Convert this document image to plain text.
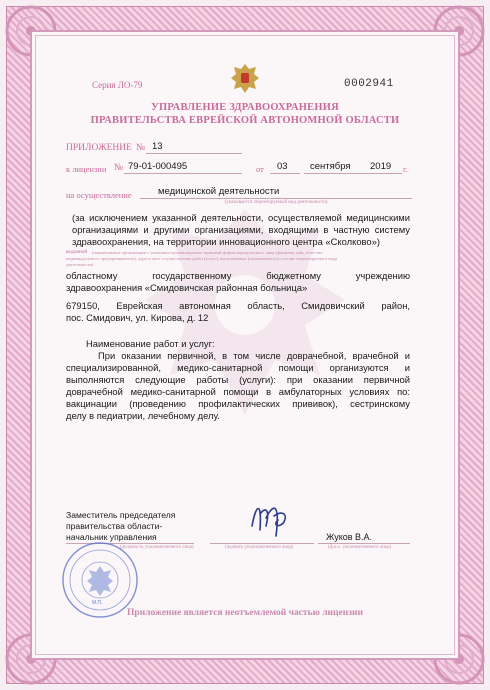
Серия ЛО-79	0002941

УПРАВЛЕНИЕ ЗДРАВООХРАНЕНИЯ

ПРАВИТЕЛЬСТВА ЕВРЕЙСКОЙ АВТОНОМНОЙ ОБЛАСТИ

ПРИЛОЖЕНИЕ № 13

к лицензии № 79-01-000495	от 03 сентября 2019 г.

на осуществление	медицинской деятельности

(указывается лицензируемый вид деятельности)

(за исключением указанной деятельности, осуществляемой медицинскими

организациями и другими организациями, входящими в частную систему

здравоохранения, на территории инновационного центра «Сколково»)

выданной (наименование организации с указанием организационно-правовой формы юридического лица (фамилия, имя, отчество

индивидуального предпринимателя), адреса мест осуществления работ (услуг), выполняемых (оказываемых) в составе лицензируемого вида

деятельности)

областному государственному бюджетному учреждению

здравоохранения «Смидовичская районная больница»

679150, Еврейская автономная область, Смидовичский район,

пос. Смидович, ул. Кирова, д. 12

Наименование работ и услуг:

При оказании первичной, в том числе доврачебной, врачебной и

специализированной, медико-санитарной помощи организуются и

выполняются следующие работы (услуги): при оказании первичной

доврачебной медико-санитарной помощи в амбулаторных условиях по:

вакцинации (проведению профилактических прививок), сестринскому

делу в педиатрии, лечебному делу.

Заместитель председателя

правительства области-

начальник управления

(должность уполномоченного лица)	(подпись уполномоченного лица)

Жуков В.А.

(ф.и.о. уполномоченного лица)

М.П.

Приложение является неотъемлемой частью лицензии
